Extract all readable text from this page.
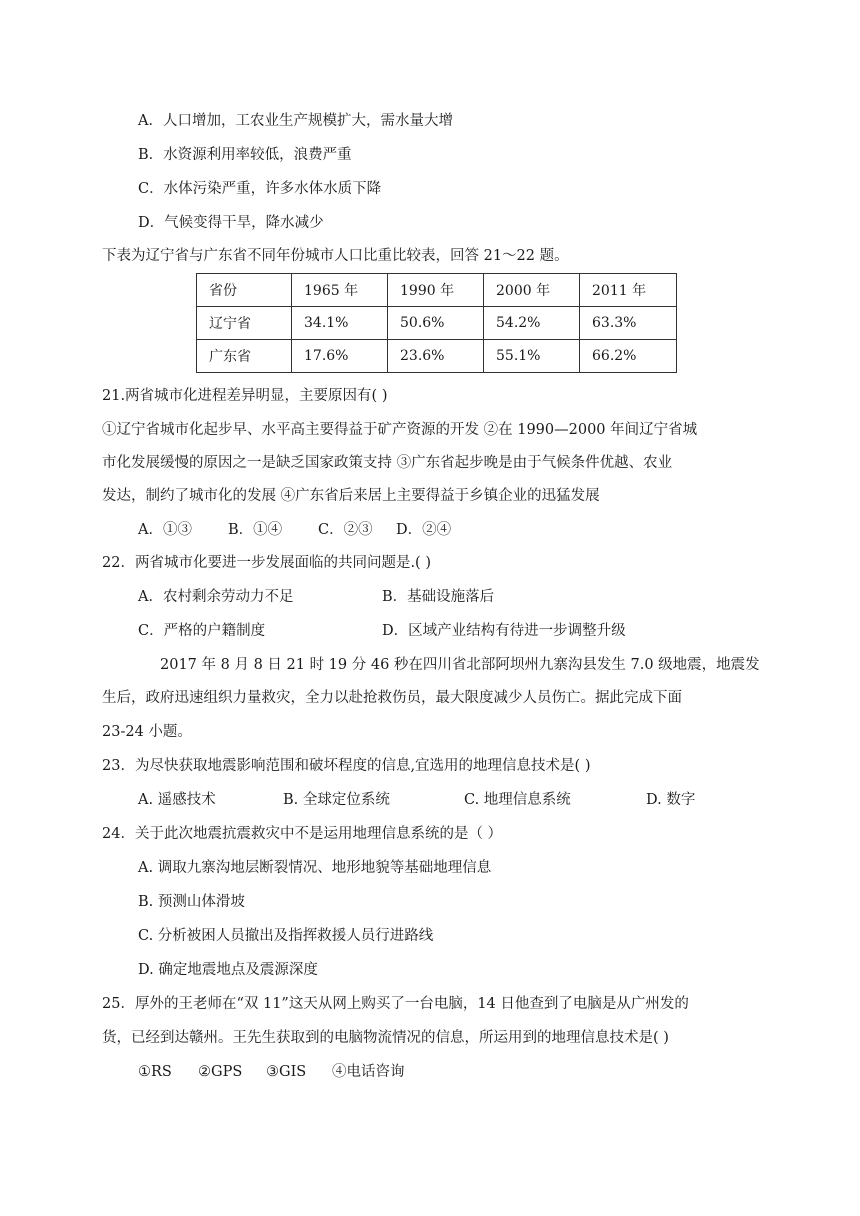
A．人口增加，工农业生产规模扩大，需水量大增
B．水资源利用率较低，浪费严重
C．水体污染严重，许多水体水质下降
D．气候变得干旱，降水减少
下表为辽宁省与广东省不同年份城市人口比重比较表，回答 21～22 题。
省份	1965 年	1990 年	2000 年	2011 年
辽宁省	34.1%	50.6%	54.2%	63.3%
广东省	17.6%	23.6%	55.1%	66.2%
21.两省城市化进程差异明显，主要原因有( )
①辽宁省城市化起步早、水平高主要得益于矿产资源的开发 ②在 1990—2000 年间辽宁省城
市化发展缓慢的原因之一是缺乏国家政策支持 ③广东省起步晚是由于气候条件优越、农业
发达，制约了城市化的发展 ④广东省后来居上主要得益于乡镇企业的迅猛发展
A．①③ B．①④ C．②③ D．②④
22．两省城市化要进一步发展面临的共同问题是.( )
A．农村剩余劳动力不足	B．基础设施落后
C．严格的户籍制度	D．区域产业结构有待进一步调整升级
2017 年 8 月 8 日 21 时 19 分 46 秒在四川省北部阿坝州九寨沟县发生 7.0 级地震，地震发
生后，政府迅速组织力量救灾，全力以赴抢救伤员，最大限度减少人员伤亡。据此完成下面
23-24 小题。
23．为尽快获取地震影响范围和破坏程度的信息,宜选用的地理信息技术是( )
A. 遥感技术	B. 全球定位系统	C. 地理信息系统	D. 数字
24．关于此次地震抗震救灾中不是运用地理信息系统的是（ ）
A. 调取九寨沟地层断裂情况、地形地貌等基础地理信息
B. 预测山体滑坡
C. 分析被困人员撤出及指挥救援人员行进路线
D. 确定地震地点及震源深度
25．厚外的王老师在“双 11”这天从网上购买了一台电脑，14 日他查到了电脑是从广州发的
货，已经到达赣州。王先生获取到的电脑物流情况的信息，所运用到的地理信息技术是( )
①RS ②GPS ③GIS ④电话咨询
